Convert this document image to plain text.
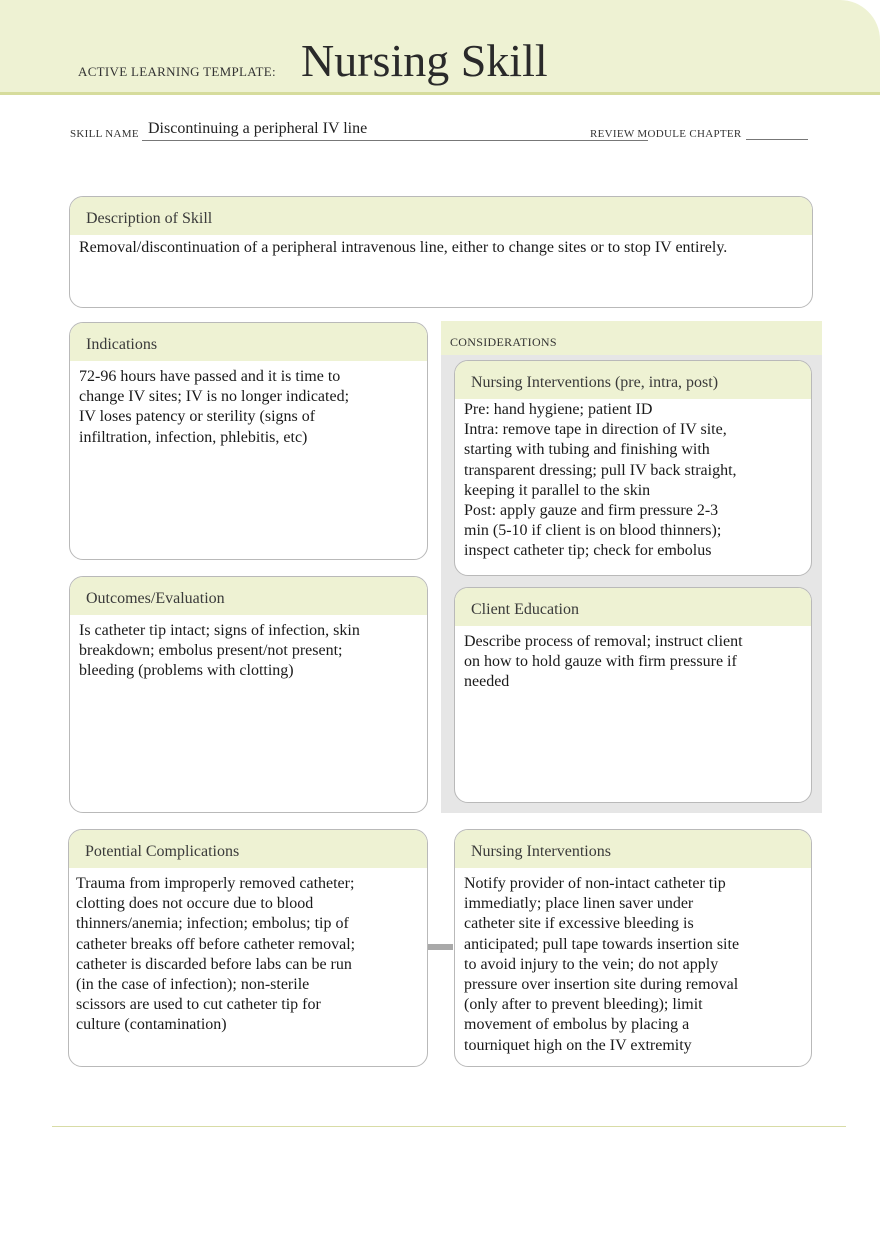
ACTIVE LEARNING TEMPLATE: Nursing Skill
SKILL NAME Discontinuing a peripheral IV line	REVIEW MODULE CHAPTER
Description of Skill
Removal/discontinuation of a peripheral intravenous line, either to change sites or to stop IV entirely.
CONSIDERATIONS
Indications
72-96 hours have passed and it is time to
change IV sites; IV is no longer indicated;
IV loses patency or sterility (signs of
infiltration, infection, phlebitis, etc)
Nursing Interventions (pre, intra, post)
Pre: hand hygiene; patient ID
Intra: remove tape in direction of IV site,
starting with tubing and finishing with
transparent dressing; pull IV back straight,
keeping it parallel to the skin
Post: apply gauze and firm pressure 2-3
min (5-10 if client is on blood thinners);
inspect catheter tip; check for embolus
Outcomes/Evaluation
Is catheter tip intact; signs of infection, skin
breakdown; embolus present/not present;
bleeding (problems with clotting)
Client Education
Describe process of removal; instruct client
on how to hold gauze with firm pressure if
needed
Potential Complications
Trauma from improperly removed catheter;
clotting does not occure due to blood
thinners/anemia; infection; embolus; tip of
catheter breaks off before catheter removal;
catheter is discarded before labs can be run
(in the case of infection); non-sterile
scissors are used to cut catheter tip for
culture (contamination)
Nursing Interventions
Notify provider of non-intact catheter tip
immediatly; place linen saver under
catheter site if excessive bleeding is
anticipated; pull tape towards insertion site
to avoid injury to the vein; do not apply
pressure over insertion site during removal
(only after to prevent bleeding); limit
movement of embolus by placing a
tourniquet high on the IV extremity
